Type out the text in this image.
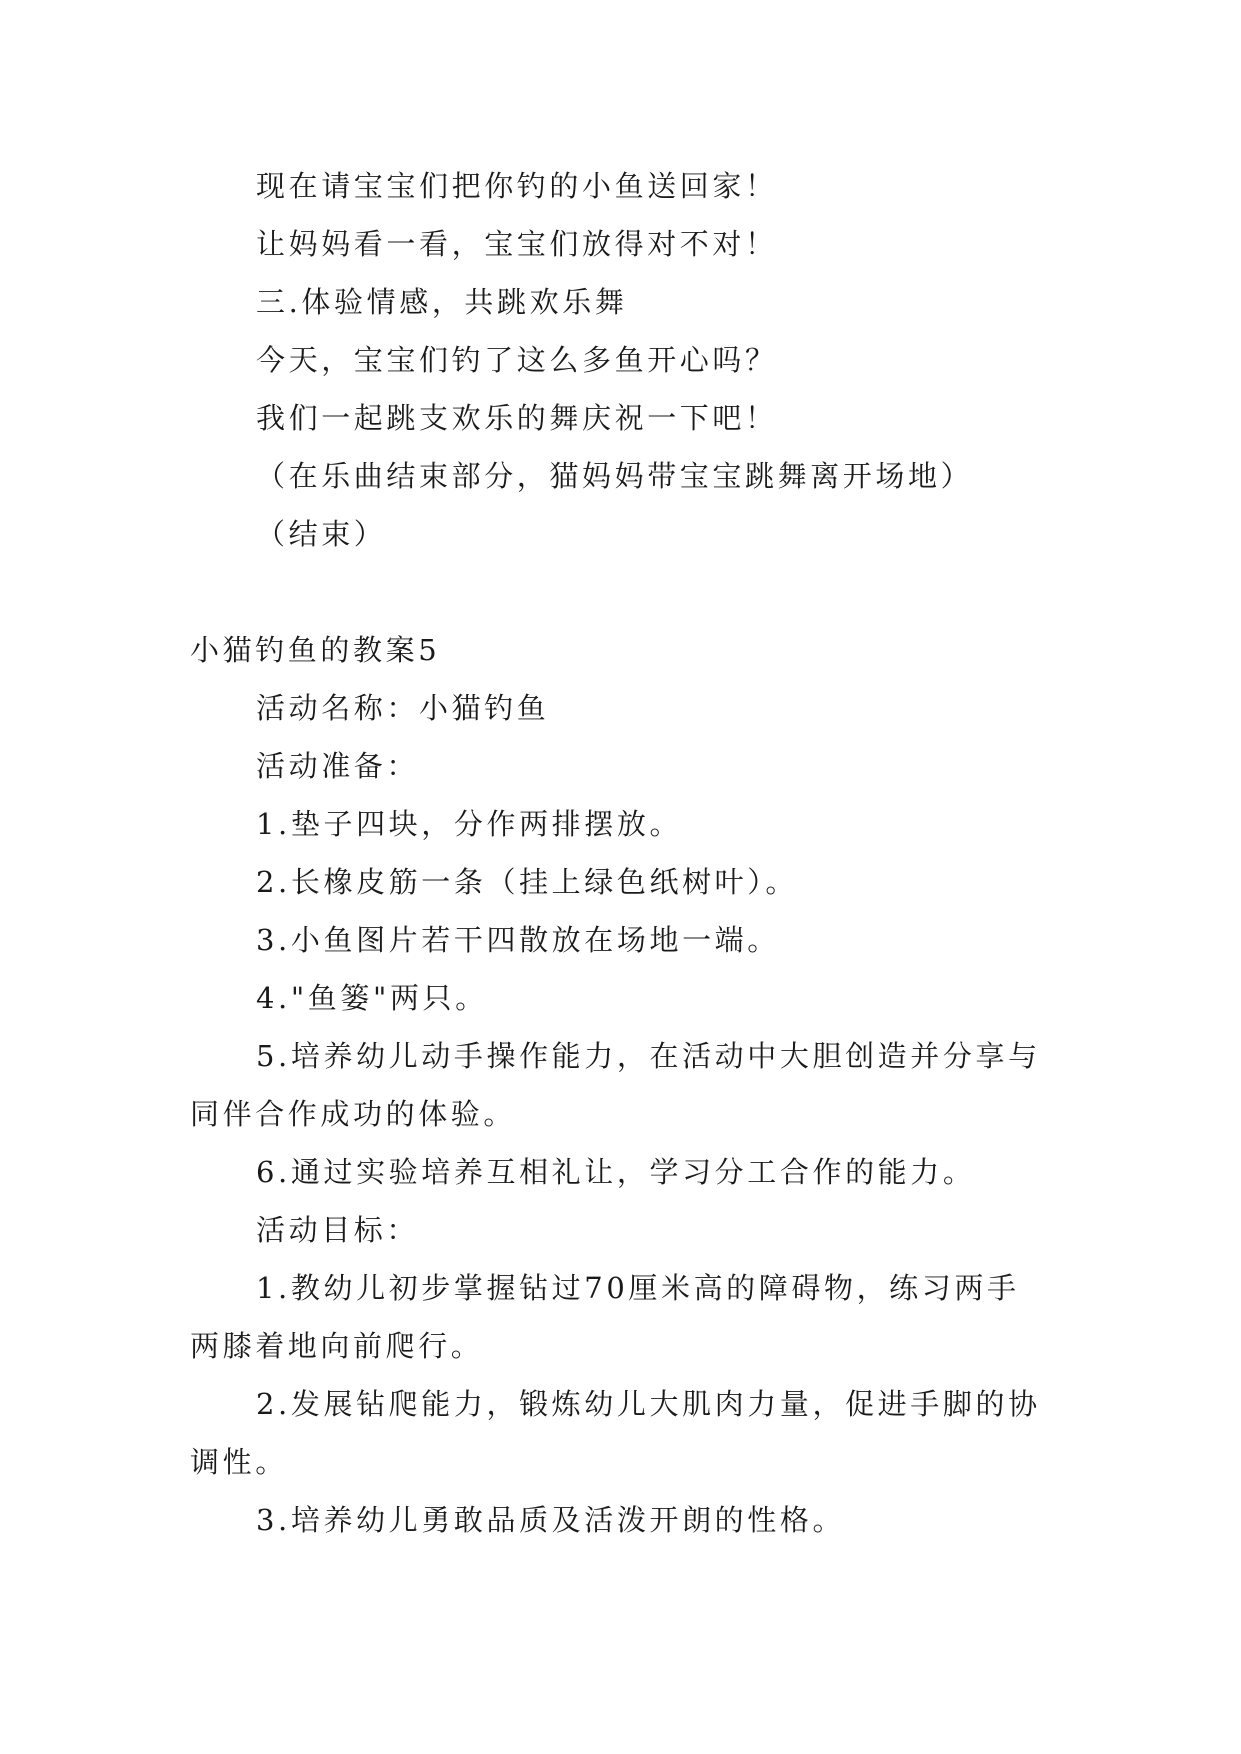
现在请宝宝们把你钓的小鱼送回家！
让妈妈看一看，宝宝们放得对不对！
三.体验情感，共跳欢乐舞
今天，宝宝们钓了这么多鱼开心吗？
我们一起跳支欢乐的舞庆祝一下吧！
（在乐曲结束部分，猫妈妈带宝宝跳舞离开场地）
（结束）
小猫钓鱼的教案5
活动名称：小猫钓鱼
活动准备：
1.垫子四块，分作两排摆放。
2.长橡皮筋一条（挂上绿色纸树叶）。
3.小鱼图片若干四散放在场地一端。
4."鱼篓"两只。
5.培养幼儿动手操作能力，在活动中大胆创造并分享与
同伴合作成功的体验。
6.通过实验培养互相礼让，学习分工合作的能力。
活动目标：
1.教幼儿初步掌握钻过70厘米高的障碍物，练习两手
两膝着地向前爬行。
2.发展钻爬能力，锻炼幼儿大肌肉力量，促进手脚的协
调性。
3.培养幼儿勇敢品质及活泼开朗的性格。
